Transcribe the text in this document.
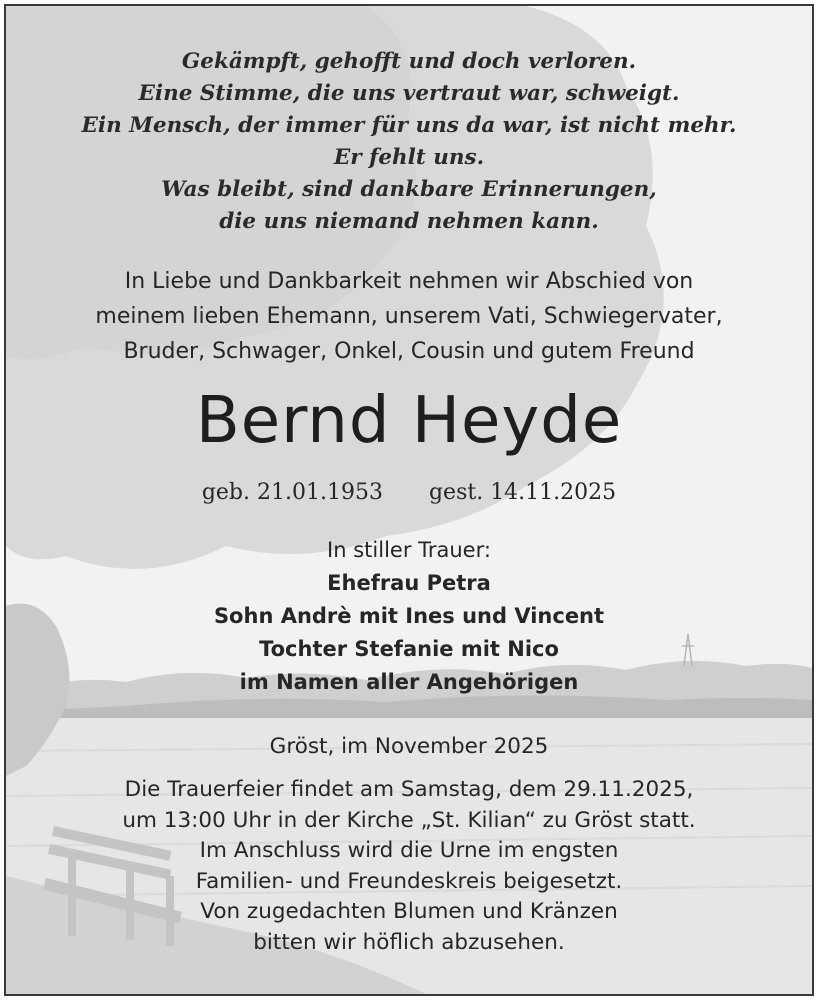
Gekämpft, gehofft und doch verloren.
Eine Stimme, die uns vertraut war, schweigt.
Ein Mensch, der immer für uns da war, ist nicht mehr.
Er fehlt uns.
Was bleibt, sind dankbare Erinnerungen,
die uns niemand nehmen kann.
In Liebe und Dankbarkeit nehmen wir Abschied von
meinem lieben Ehemann, unserem Vati, Schwiegervater,
Bruder, Schwager, Onkel, Cousin und gutem Freund
Bernd Heyde
geb. 21.01.1953 gest. 14.11.2025
In stiller Trauer:
Ehefrau Petra
Sohn Andrè mit Ines und Vincent
Tochter Stefanie mit Nico
im Namen aller Angehörigen
Gröst, im November 2025
Die Trauerfeier findet am Samstag, dem 29.11.2025,
um 13:00 Uhr in der Kirche „St. Kilian“ zu Gröst statt.
Im Anschluss wird die Urne im engsten
Familien- und Freundeskreis beigesetzt.
Von zugedachten Blumen und Kränzen
bitten wir höflich abzusehen.
